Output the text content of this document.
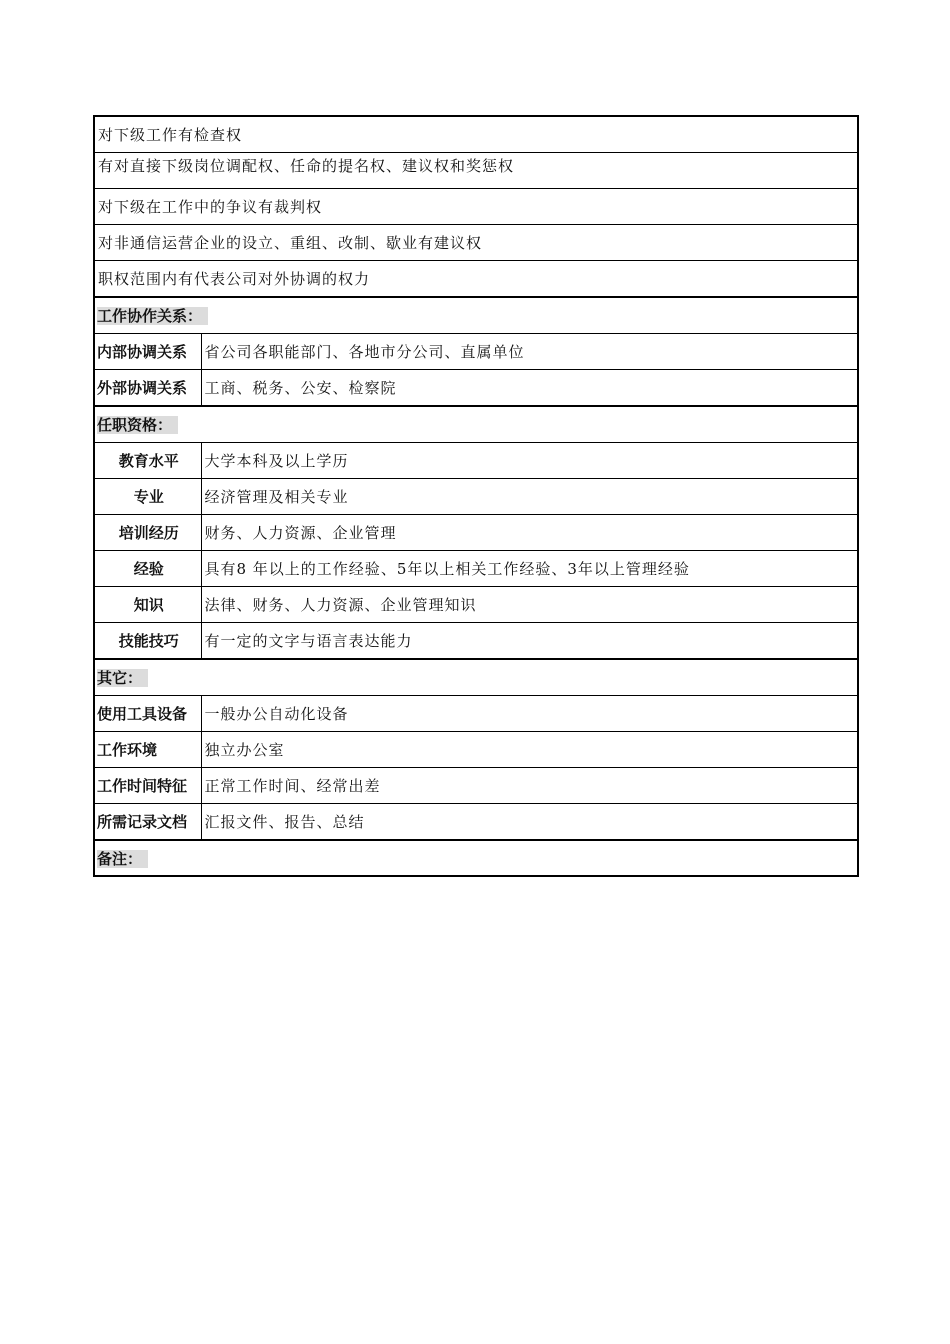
对下级工作有检查权	
有对直接下级岗位调配权、任命的提名权、建议权和奖惩权	
对下级在工作中的争议有裁判权	
对非通信运营企业的设立、重组、改制、歇业有建议权	
职权范围内有代表公司对外协调的权力	
工作协作关系：	
内部协调关系	省公司各职能部门、各地市分公司、直属单位
外部协调关系	工商、税务、公安、检察院
任职资格：	
教育水平	大学本科及以上学历
专业	经济管理及相关专业
培训经历	财务、人力资源、企业管理
经验	具有8 年以上的工作经验、5年以上相关工作经验、3年以上管理经验
知识	法律、财务、人力资源、企业管理知识
技能技巧	有一定的文字与语言表达能力
其它：	
使用工具设备	一般办公自动化设备
工作环境	独立办公室
工作时间特征	正常工作时间、经常出差
所需记录文档	汇报文件、报告、总结
备注：	
